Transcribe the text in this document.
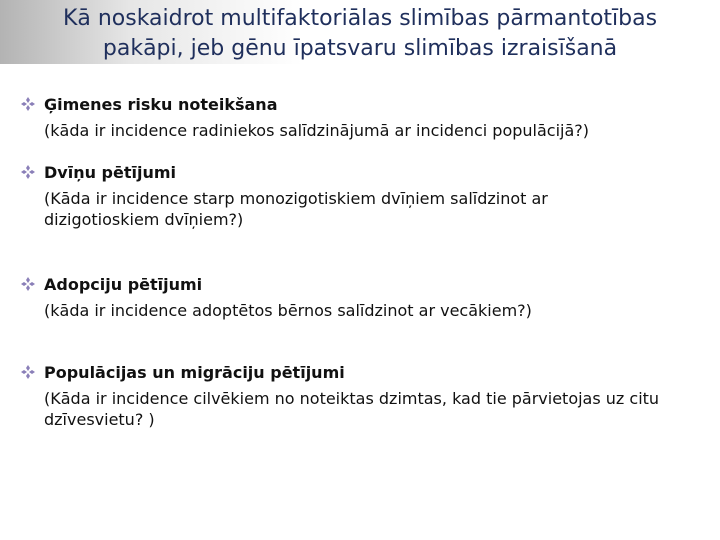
Kā noskaidrot multifaktoriālas slimības pārmantotības
pakāpi, jeb gēnu īpatsvaru slimības izraisīšanā
Ģimenes risku noteikšana
(kāda ir incidence radiniekos salīdzinājumā ar incidenci populācijā?)
Dvīņu pētījumi
(Kāda ir incidence starp monozigotiskiem dvīņiem salīdzinot ar dizigotioskiem dvīņiem?)
Adopciju pētījumi
(kāda ir incidence adoptētos bērnos salīdzinot ar vecākiem?)
Populācijas un migrāciju pētījumi
(Kāda ir incidence cilvēkiem no noteiktas dzimtas, kad tie pārvietojas uz citu dzīvesvietu? )
